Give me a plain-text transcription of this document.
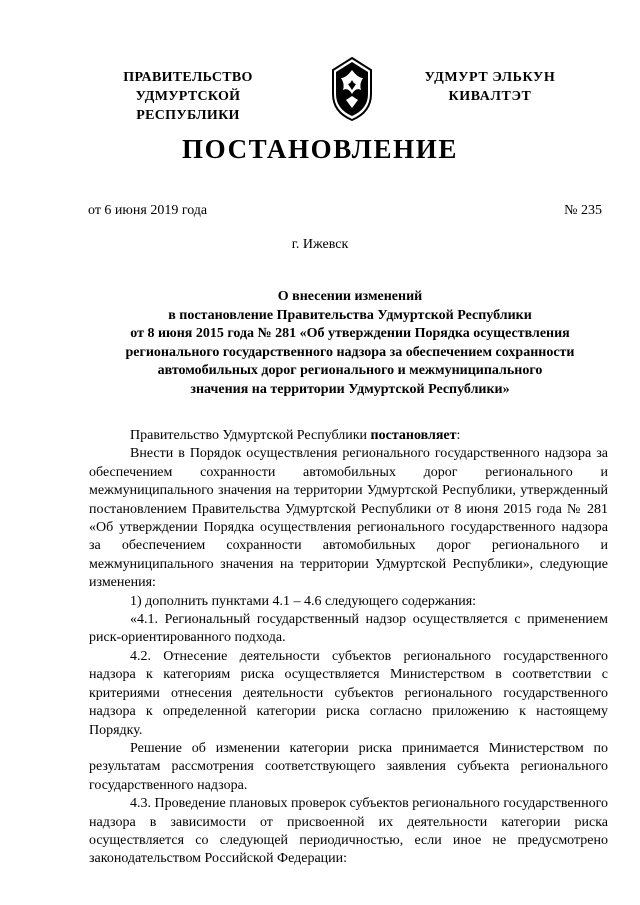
ПРАВИТЕЛЬСТВО
УДМУРТСКОЙ РЕСПУБЛИКИ
УДМУРТ ЭЛЬКУН
КИВАЛТЭТ
ПОСТАНОВЛЕНИЕ
от 6 июня 2019 года	№ 235
г. Ижевск
О внесении изменений
в постановление Правительства Удмуртской Республики
от 8 июня 2015 года № 281 «Об утверждении Порядка осуществления
регионального государственного надзора за обеспечением сохранности
автомобильных дорог регионального и межмуниципального
значения на территории Удмуртской Республики»

Правительство Удмуртской Республики постановляет:

Внести в Порядок осуществления регионального государственного надзора за обеспечением сохранности автомобильных дорог регионального и межмуниципального значения на территории Удмуртской Республики, утвержденный постановлением Правительства Удмуртской Республики от 8 июня 2015 года № 281 «Об утверждении Порядка осуществления регионального государственного надзора за обеспечением сохранности автомобильных дорог регионального и межмуниципального значения на территории Удмуртской Республики», следующие изменения:

1) дополнить пунктами 4.1 – 4.6 следующего содержания:

«4.1. Региональный государственный надзор осуществляется с применением риск-ориентированного подхода.

4.2. Отнесение деятельности субъектов регионального государственного надзора к категориям риска осуществляется Министерством в соответствии с критериями отнесения деятельности субъектов регионального государственного надзора к определенной категории риска согласно приложению к настоящему Порядку.

Решение об изменении категории риска принимается Министерством по результатам рассмотрения соответствующего заявления субъекта регионального государственного надзора.

4.3. Проведение плановых проверок субъектов регионального государственного надзора в зависимости от присвоенной их деятельности категории риска осуществляется со следующей периодичностью, если иное не предусмотрено законодательством Российской Федерации:
